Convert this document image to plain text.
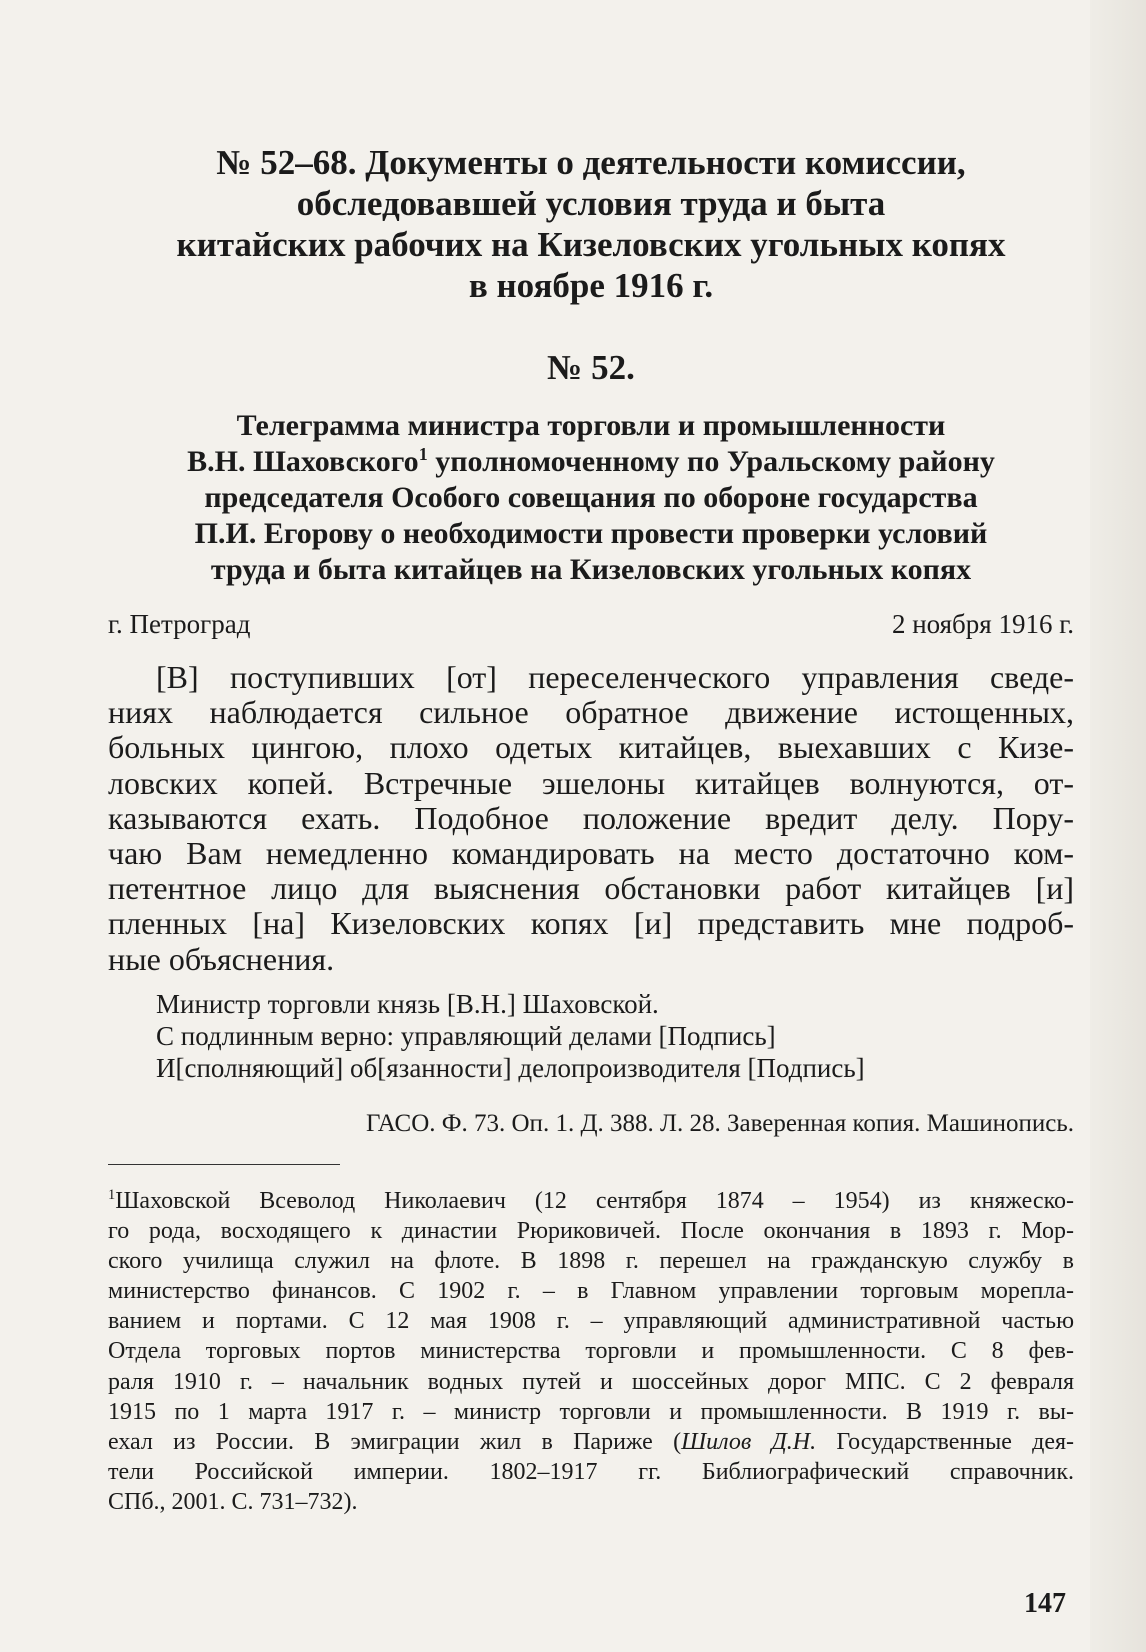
№ 52–68. Документы о деятельности комиссии,
обследовавшей условия труда и быта
китайских рабочих на Кизеловских угольных копях
в ноябре 1916 г.
№ 52.
Телеграмма министра торговли и промышленности
В.Н. Шаховского$^1$ уполномоченному по Уральскому району
председателя Особого совещания по обороне государства
П.И. Егорову о необходимости провести проверки условий
труда и быта китайцев на Кизеловских угольных копях
г. Петроград	2 ноября 1916 г.
[В] поступивших [от] переселенческого управления сведе-
ниях наблюдается сильное обратное движение истощенных,
больных цингою, плохо одетых китайцев, выехавших с Кизе-
ловских копей. Встречные эшелоны китайцев волнуются, от-
казываются ехать. Подобное положение вредит делу. Пору-
чаю Вам немедленно командировать на место достаточно ком-
петентное лицо для выяснения обстановки работ китайцев [и]
пленных [на] Кизеловских копях [и] представить мне подроб-
ные объяснения.
Министр торговли князь [В.Н.] Шаховской.
С подлинным верно: управляющий делами [Подпись]
И[сполняющий] об[язанности] делопроизводителя [Подпись]
ГАСО. Ф. 73. Оп. 1. Д. 388. Л. 28. Заверенная копия. Машинопись.
$^1$Шаховской Всеволод Николаевич (12 сентября 1874 – 1954) из княжеско-
го рода, восходящего к династии Рюриковичей. После окончания в 1893 г. Мор-
ского училища служил на флоте. В 1898 г. перешел на гражданскую службу в
министерство финансов. С 1902 г. – в Главном управлении торговым морепла-
ванием и портами. С 12 мая 1908 г. – управляющий административной частью
Отдела торговых портов министерства торговли и промышленности. С 8 фев-
раля 1910 г. – начальник водных путей и шоссейных дорог МПС. С 2 февраля
1915 по 1 марта 1917 г. – министр торговли и промышленности. В 1919 г. вы-
ехал из России. В эмиграции жил в Париже (Шилов Д.Н. Государственные дея-
тели Российской империи. 1802–1917 гг. Библиографический справочник.
СПб., 2001. С. 731–732).
147
